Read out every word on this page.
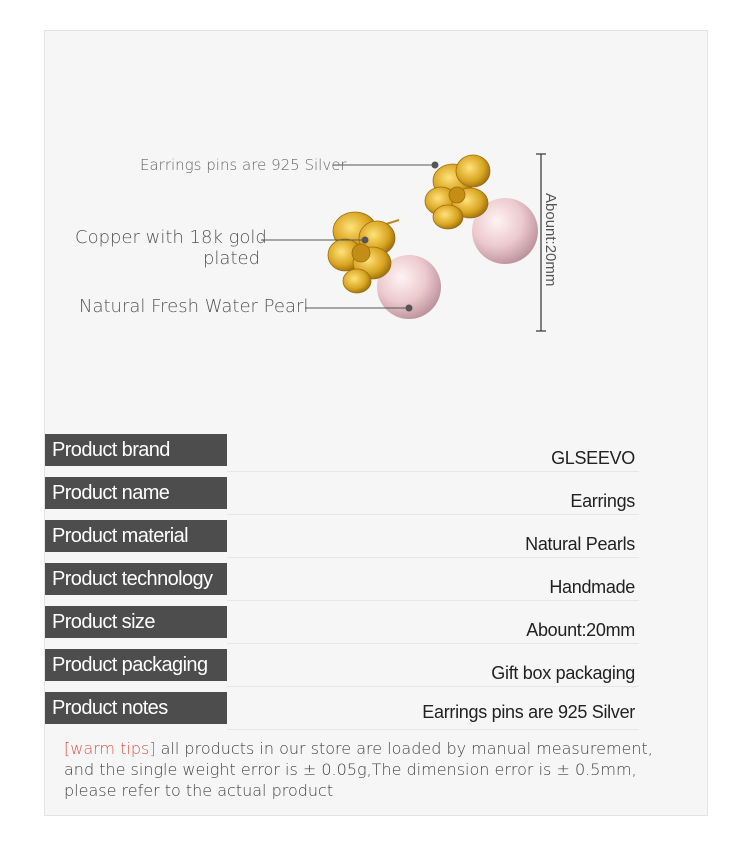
Earrings pins are 925 Silver
Copper with 18k gold
plated
Natural Fresh Water Pearl
Abount:20mm
Product brand	GLSEEVO
Product name	Earrings
Product material	Natural Pearls
Product technology	Handmade
Product size	Abount:20mm
Product packaging	Gift box packaging
Product notes	Earrings pins are 925 Silver
[warm tips] all products in our store are loaded by manual measurement, and the single weight error is ± 0.05g,The dimension error is ± 0.5mm, please refer to the actual product
